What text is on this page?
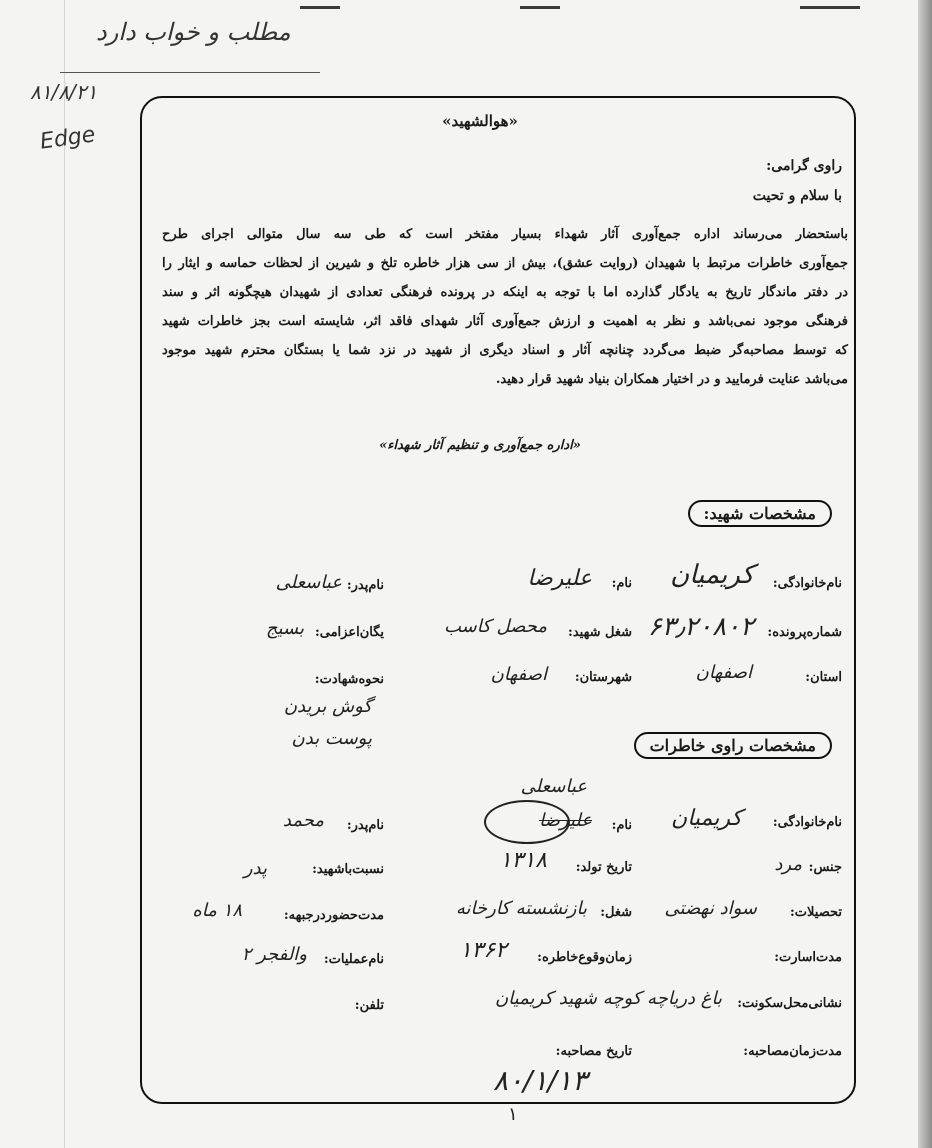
مطلب و خواب دارد
۸۱/۸/۲۱
Edge
«هوالشهید»
راوی گرامی:
با سلام و تحیت
باستحضار می‌رساند اداره جمع‌آوری آثار شهداء بسیار مفتخر است که طی سه سال متوالی اجرای طرح
جمع‌آوری خاطرات مرتبط با شهیدان (روایت عشق)، بیش از سی هزار خاطره تلخ و شیرین از لحظات حماسه و ایثار را
در دفتر ماندگار تاریخ به یادگار گذارده اما با توجه به اینکه در پرونده فرهنگی تعدادی از شهیدان هیچگونه اثر و سند
فرهنگی موجود نمی‌باشد و نظر به اهمیت و ارزش جمع‌آوری آثار شهدای فاقد اثر، شایسته است بجز خاطرات شهید
که توسط مصاحبه‌گر ضبط می‌گردد چنانچه آثار و اسناد دیگری از شهید در نزد شما یا بستگان محترم شهید موجود
می‌باشد عنایت فرمایید و در اختیار همکاران بنیاد شهید قرار دهید.
«اداره جمع‌آوری و تنظیم آثار شهداء»
مشخصات شهید:
نام‌خانوادگی:
کریمیان
نام:
علیرضا
نام‌پدر:
عباسعلی
شماره‌پرونده:
۶۳٫۲۰۸۰۲
شغل شهید:
محصل کاسب
یگان‌اعزامی:
بسیج
استان:
اصفهان
شهرستان:
اصفهان
نحوه‌شهادت:
گوش بریدن
پوست بدن	مشخصات راوی خاطرات
نام‌خانوادگی:
کریمیان
نام:
عباسعلی
علیرضا
نام‌پدر:
محمد
جنس:
مرد
تاریخ تولد:
۱۳۱۸
نسبت‌با‌شهید:
پدر
تحصیلات:
سواد نهضتی
شغل:
بازنشسته کارخانه
مدت‌حضور‌در‌جبهه:
۱۸ ماه
مدت‌اسارت:
زمان‌وقوع‌خاطره:
۱۳۶۲
نام‌عملیات:
والفجر ۲
نشانی‌محل‌سکونت:
باغ دریاچه کوچه شهید کریمیان
تلفن:
مدت‌زمان‌مصاحبه:
تاریخ مصاحبه:
۸۰/۱/۱۳
۱
